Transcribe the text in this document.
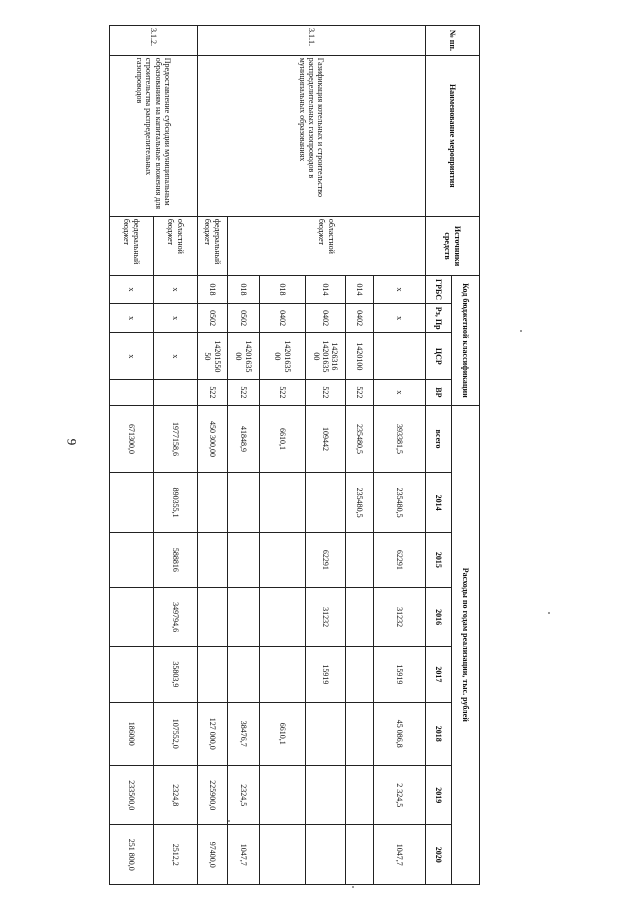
9
№ пп.	Наименование мероприятия	Источники средств	Код бюджетной классификации				Расходы по годам реализации, тыс. рублей							
			ГРБС	Рз, Пр	ЦСР	ВР	всего	2014	2015	2016	2017	2018	2019	2020
3.1.1.	Газификация котельных и строительство распределительных газопроводов в муниципальных образованиях	областной бюджет	x	x		x	393381,5	235480,5	62291	31232	15919	45 086,8	2 324,5	1047,7
			014	0402	1420100	522	235480,5	235480,5						
			014	0402	1426316 14201635 00	522	109442		62291	31232	15919			
			018	0402	14201635 00	522	6610,1					6610,1		
			018	0502	14201635 00	522	41848,9					38476,7	2324,5	1047,7
		федеральный бюджет	018	0502	14201550 50	522	450 300,00					127 000,0	225900,0	97400,0
3.1.2.	Предоставление субсидии муниципальным образованиям на капитальные вложения для строительства распределительных газопроводов	областной бюджет	x	x	x		1977158,6	890355,1	588816	349794,6	35803,9	107552,0	2324,8	2512,2
		федеральный бюджет	x	x	x		671300,0					186000	233500,0	251 800,0
